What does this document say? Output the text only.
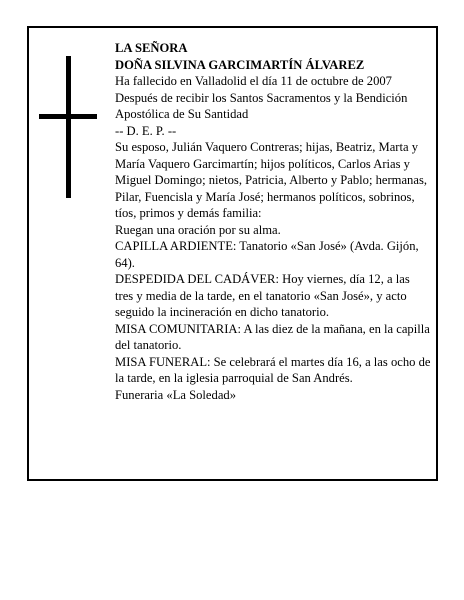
LA SEÑORA

DOÑA SILVINA GARCIMARTÍN ÁLVAREZ

Ha fallecido en Valladolid el día 11 de octubre de 2007

Después de recibir los Santos Sacramentos y la Bendición Apostólica de Su Santidad

-- D. E. P. --

Su esposo, Julián Vaquero Contreras; hijas, Beatriz, Marta y María Vaquero Garcimartín; hijos políticos, Carlos Arias y Miguel Domingo; nietos, Patricia, Alberto y Pablo; hermanas, Pilar, Fuencisla y María José; hermanos políticos, sobrinos, tíos, primos y demás familia:

Ruegan una oración por su alma.

CAPILLA ARDIENTE: Tanatorio «San José» (Avda. Gijón, 64).

DESPEDIDA DEL CADÁVER: Hoy viernes, día 12, a las tres y media de la tarde, en el tanatorio «San José», y acto seguido la incineración en dicho tanatorio.

MISA COMUNITARIA: A las diez de la mañana, en la capilla del tanatorio.

MISA FUNERAL: Se celebrará el martes día 16, a las ocho de la tarde, en la iglesia parroquial de San Andrés.

Funeraria «La Soledad»
